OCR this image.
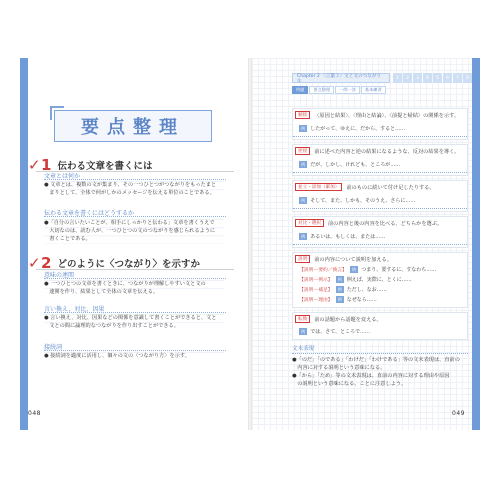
要点整理
✓ 1 伝わる文章を書くには
文章とは何か
● 文章とは、複数の文が集まり、その一つひとつがつながりをもったまと
　まりとして、全体で何がしかのメッセージを伝える単位のことである。
伝わる文章を書くにはどうするか
●「自分の言いたいことが、相手にしっかりと伝わる」文章を書くうえで
　大切なのは、読む人が、一つひとつの文のつながりを感じられるように
　書くことである。
✓ 2 どのように〈つながり〉を示すか
意味の連関
● 一つひとつの文章を書くときに、つながりが理解しやすい文と文の
　連関を作り、結果として全体の文章を伝える。
言い換え、対比、因果
● 言い換え、対比、因果などの関係を意識して書くことができると、文と
　文との間に論理的なつながりを作り出すことができる。
接続詞
● 接続詞を適度に活用し、個々の文の〈つながり方〉を示す。
048
Chapter 2 〈言葉３〉文と文のつながり①
1	2	3	4	5	6	7	8
例題	要点整理	一問一答	基本練習
順接	〈原因と結果〉、〈理由と結論〉、〈前提と帰結〉の関係を示す。
例	したがって、ゆえに、だから、すると……
逆接	前に述べた内容と逆の結果になるような、反対の結果を導く。
例	だが、しかし、けれども、ところが……
並立・添加（累加）	前のものに続いて付け足したりする。
例	そして、また、しかも、そのうえ、さらに……
対比・選択	前の内容と後の内容を比べる、どちらかを選ぶ。
例	あるいは、もしくは、または……
説明	前の内容について説明を加える。
【説明ー要約／換言】	例	つまり、要するに、すなわち……
【説明ー例示】	例	例えば、実際に、とくに……
【説明ー補足】	例	ただし、なお……
【説明ー理由】	例	なぜなら……
転換	前の話題から話題を変える。
例	では、さて、ところで……
文末表現
●「のだ」「のである」「わけだ」「わけである」等の文末表現は、直前の
　内容に対する説明という意味になる。
●「から」「ため」等の文末表現は、直前の内容に対する理由や原因
　の説明という意味になる、ことに注意しよう。
049
